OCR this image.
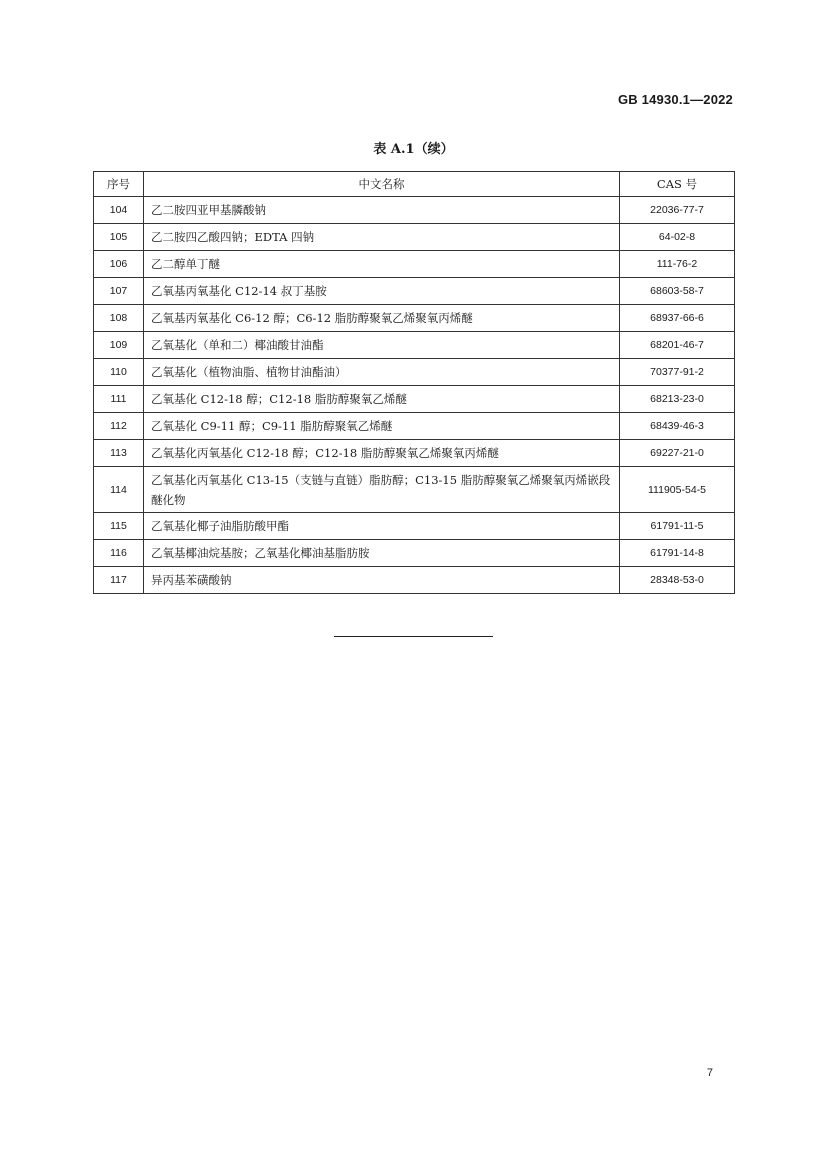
GB 14930.1—2022
表 A.1（续）
序号	中文名称	CAS 号
104	乙二胺四亚甲基膦酸钠	22036-77-7
105	乙二胺四乙酸四钠；EDTA 四钠	64-02-8
106	乙二醇单丁醚	111-76-2
107	乙氧基丙氧基化 C12-14 叔丁基胺	68603-58-7
108	乙氧基丙氧基化 C6-12 醇；C6-12 脂肪醇聚氧乙烯聚氧丙烯醚	68937-66-6
109	乙氧基化（单和二）椰油酸甘油酯	68201-46-7
110	乙氧基化（植物油脂、植物甘油酯油）	70377-91-2
111	乙氧基化 C12-18 醇；C12-18 脂肪醇聚氧乙烯醚	68213-23-0
112	乙氧基化 C9-11 醇；C9-11 脂肪醇聚氧乙烯醚	68439-46-3
113	乙氧基化丙氧基化 C12-18 醇；C12-18 脂肪醇聚氧乙烯聚氧丙烯醚	69227-21-0
114	乙氧基化丙氧基化 C13-15（支链与直链）脂肪醇；C13-15 脂肪醇聚氧乙烯聚氧丙烯嵌段醚化物	111905-54-5
115	乙氧基化椰子油脂肪酸甲酯	61791-11-5
116	乙氧基椰油烷基胺；乙氧基化椰油基脂肪胺	61791-14-8
117	异丙基苯磺酸钠	28348-53-0
7
